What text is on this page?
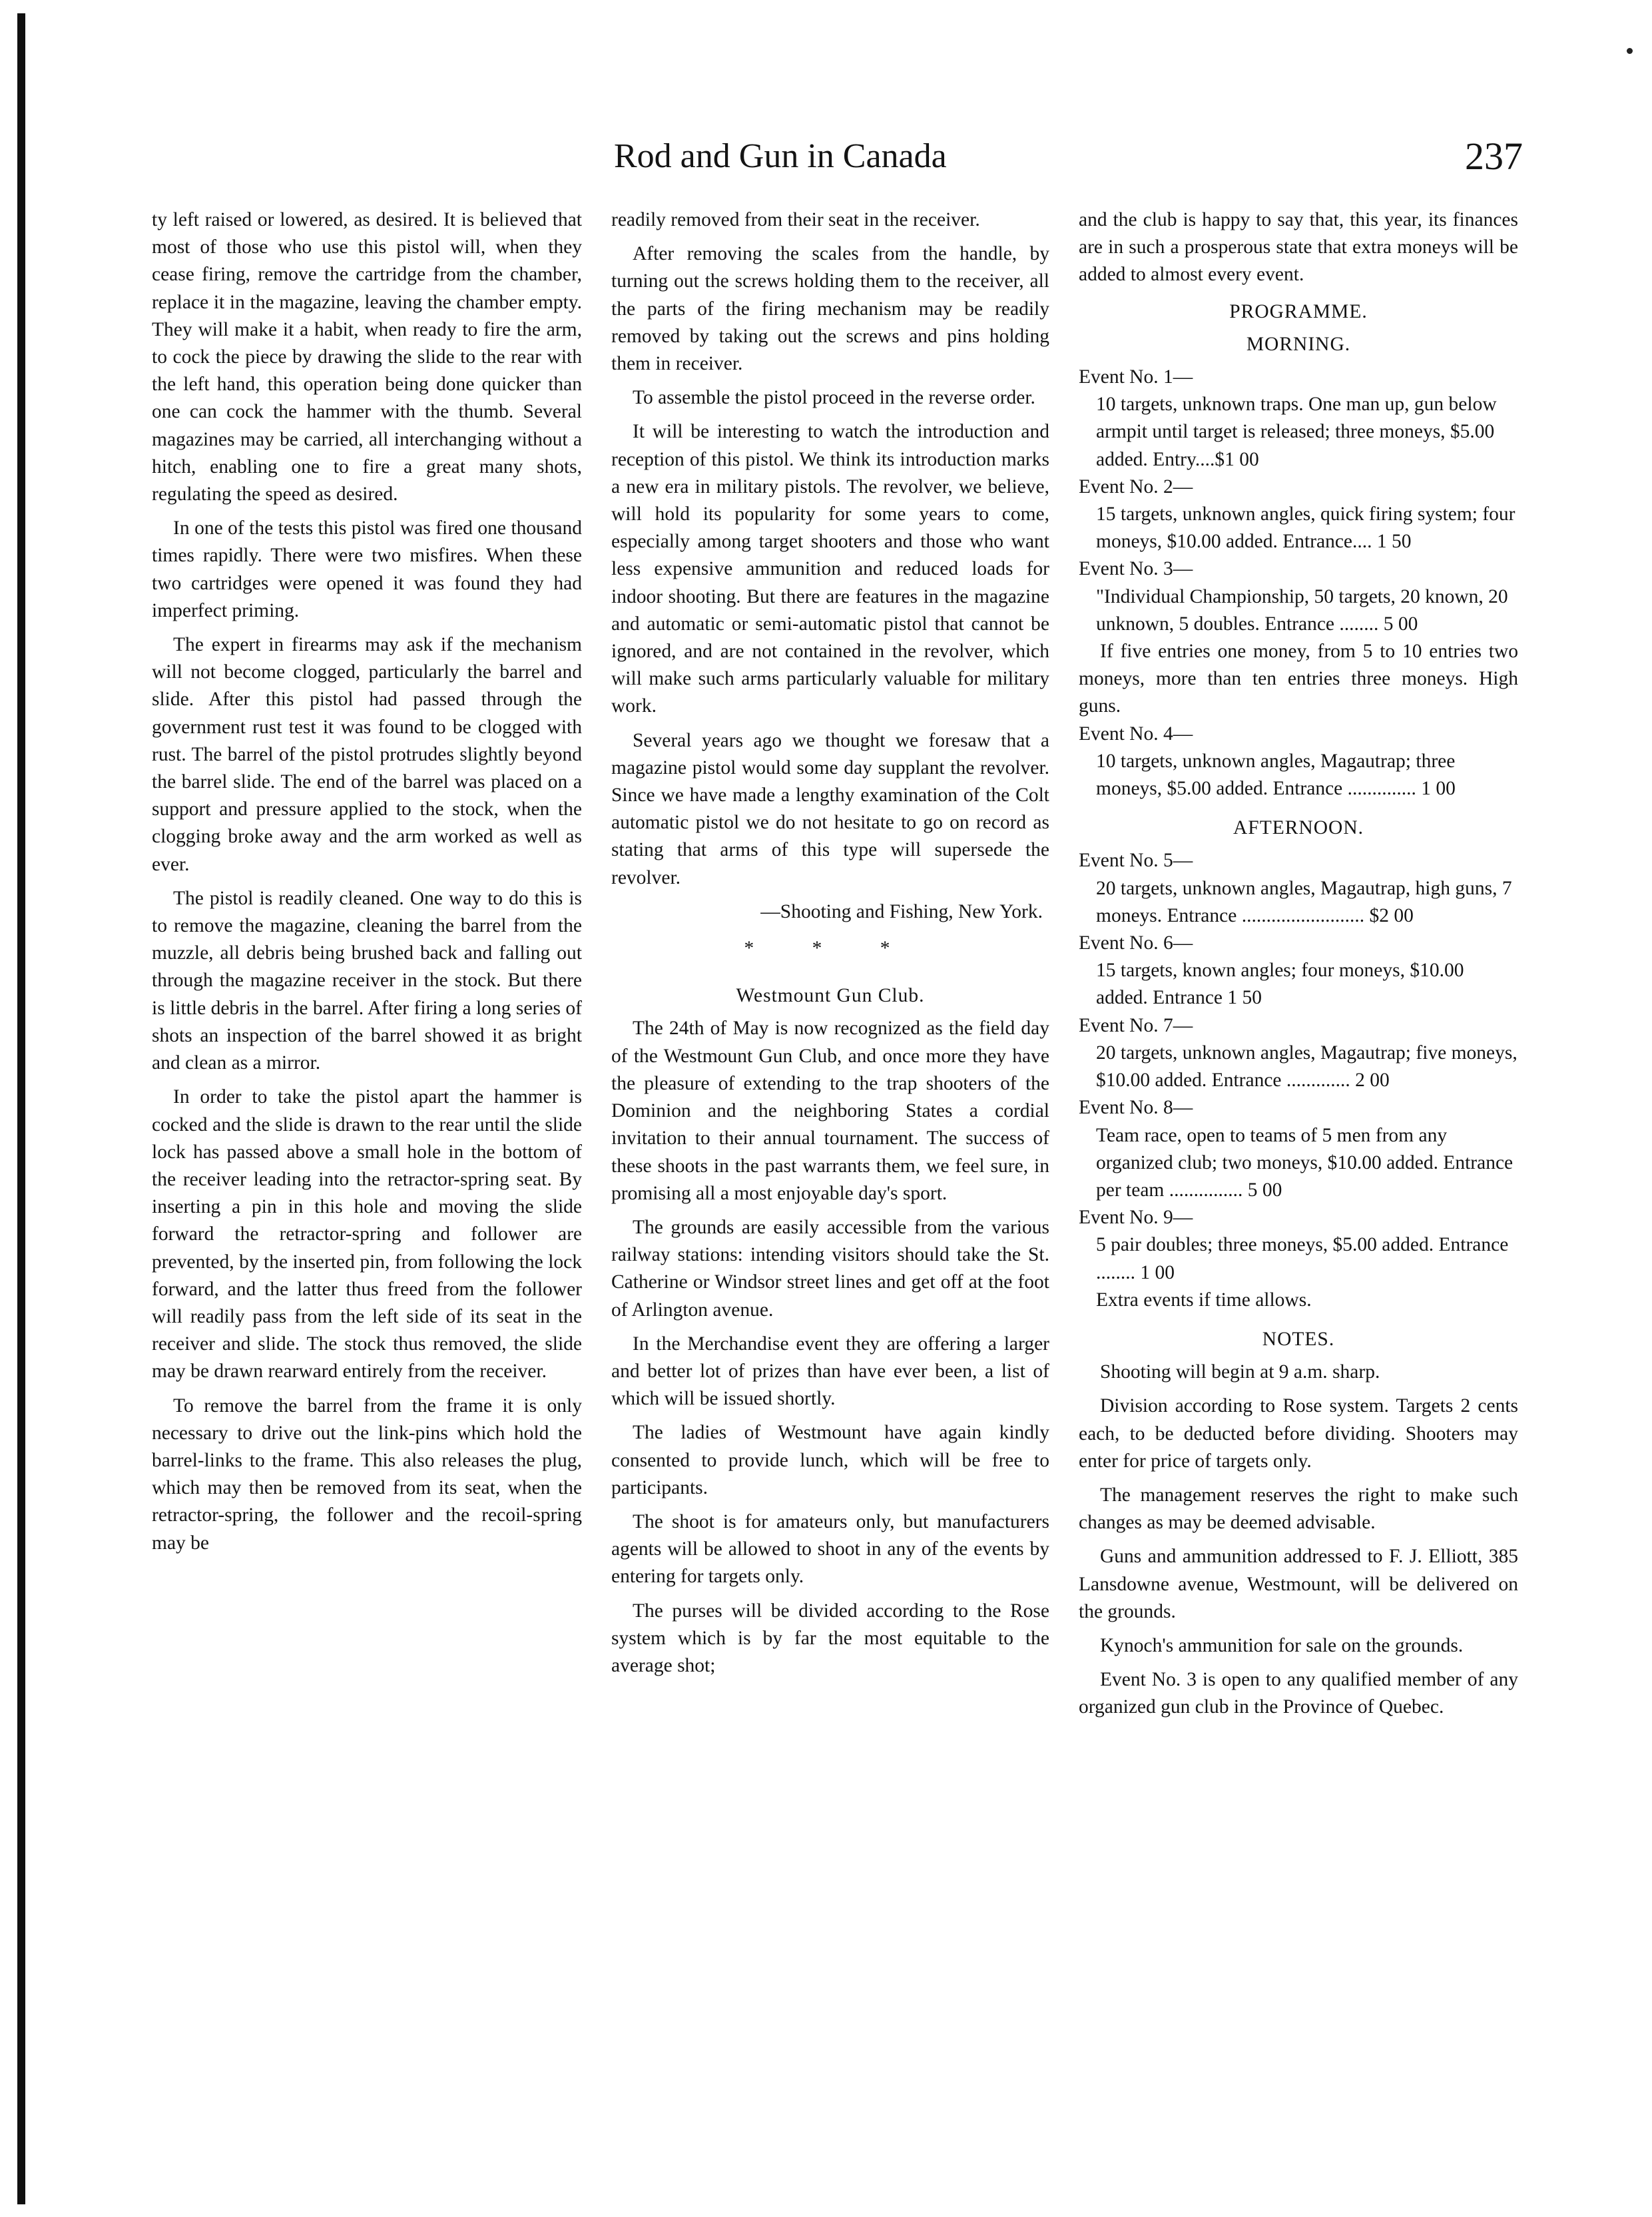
Rod and Gun in Canada	237

ty left raised or lowered, as desired. It is believed that most of those who use this pistol will, when they cease firing, remove the cartridge from the chamber, replace it in the magazine, leaving the chamber empty. They will make it a habit, when ready to fire the arm, to cock the piece by drawing the slide to the rear with the left hand, this operation being done quicker than one can cock the hammer with the thumb. Several magazines may be carried, all interchanging without a hitch, enabling one to fire a great many shots, regulating the speed as desired.

In one of the tests this pistol was fired one thousand times rapidly. There were two misfires. When these two cartridges were opened it was found they had imperfect priming.

The expert in firearms may ask if the mechanism will not become clogged, particularly the barrel and slide. After this pistol had passed through the government rust test it was found to be clogged with rust. The barrel of the pistol protrudes slightly beyond the barrel slide. The end of the barrel was placed on a support and pressure applied to the stock, when the clogging broke away and the arm worked as well as ever.

The pistol is readily cleaned. One way to do this is to remove the magazine, cleaning the barrel from the muzzle, all debris being brushed back and falling out through the magazine receiver in the stock. But there is little debris in the barrel. After firing a long series of shots an inspection of the barrel showed it as bright and clean as a mirror.

In order to take the pistol apart the hammer is cocked and the slide is drawn to the rear until the slide lock has passed above a small hole in the bottom of the receiver leading into the retractor-spring seat. By inserting a pin in this hole and moving the slide forward the retractor-spring and follower are prevented, by the inserted pin, from following the lock forward, and the latter thus freed from the follower will readily pass from the left side of its seat in the receiver and slide. The stock thus removed, the slide may be drawn rearward entirely from the receiver.

To remove the barrel from the frame it is only necessary to drive out the link-pins which hold the barrel-links to the frame. This also releases the plug, which may then be removed from its seat, when the retractor-spring, the follower and the recoil-spring may be

readily removed from their seat in the receiver.

After removing the scales from the handle, by turning out the screws holding them to the receiver, all the parts of the firing mechanism may be readily removed by taking out the screws and pins holding them in receiver.

To assemble the pistol proceed in the reverse order.

It will be interesting to watch the introduction and reception of this pistol. We think its introduction marks a new era in military pistols. The revolver, we believe, will hold its popularity for some years to come, especially among target shooters and those who want less expensive ammunition and reduced loads for indoor shooting. But there are features in the magazine and automatic or semi-automatic pistol that cannot be ignored, and are not contained in the revolver, which will make such arms particularly valuable for military work.

Several years ago we thought we foresaw that a magazine pistol would some day supplant the revolver. Since we have made a lengthy examination of the Colt automatic pistol we do not hesitate to go on record as stating that arms of this type will supersede the revolver.

—Shooting and Fishing, New York.

* * *
Westmount Gun Club.

The 24th of May is now recognized as the field day of the Westmount Gun Club, and once more they have the pleasure of extending to the trap shooters of the Dominion and the neighboring States a cordial invitation to their annual tournament. The success of these shoots in the past warrants them, we feel sure, in promising all a most enjoyable day's sport.

The grounds are easily accessible from the various railway stations: intending visitors should take the St. Catherine or Windsor street lines and get off at the foot of Arlington avenue.

In the Merchandise event they are offering a larger and better lot of prizes than have ever been, a list of which will be issued shortly.

The ladies of Westmount have again kindly consented to provide lunch, which will be free to participants.

The shoot is for amateurs only, but manufacturers agents will be allowed to shoot in any of the events by entering for targets only.

The purses will be divided according to the Rose system which is by far the most equitable to the average shot;

and the club is happy to say that, this year, its finances are in such a prosperous state that extra moneys will be added to almost every event.

PROGRAMME.
MORNING.
Event No. 1—
10 targets, unknown traps. One man up, gun below armpit until target is released; three moneys, $5.00 added. Entry....$1 00
Event No. 2—
15 targets, unknown angles, quick firing system; four moneys, $10.00 added. Entrance.... 1 50
Event No. 3—
"Individual Championship, 50 targets, 20 known, 20 unknown, 5 doubles. Entrance ........ 5 00

If five entries one money, from 5 to 10 entries two moneys, more than ten entries three moneys. High guns.

Event No. 4—
10 targets, unknown angles, Magautrap; three moneys, $5.00 added. Entrance .............. 1 00
AFTERNOON.
Event No. 5—
20 targets, unknown angles, Magautrap, high guns, 7 moneys. Entrance ......................... $2 00
Event No. 6—
15 targets, known angles; four moneys, $10.00 added. Entrance 1 50
Event No. 7—
20 targets, unknown angles, Magautrap; five moneys, $10.00 added. Entrance ............. 2 00
Event No. 8—
Team race, open to teams of 5 men from any organized club; two moneys, $10.00 added. Entrance per team ............... 5 00
Event No. 9—
5 pair doubles; three moneys, $5.00 added. Entrance ........ 1 00

Extra events if time allows.

NOTES.

Shooting will begin at 9 a.m. sharp.

Division according to Rose system. Targets 2 cents each, to be deducted before dividing. Shooters may enter for price of targets only.

The management reserves the right to make such changes as may be deemed advisable.

Guns and ammunition addressed to F. J. Elliott, 385 Lansdowne avenue, Westmount, will be delivered on the grounds.

Kynoch's ammunition for sale on the grounds.

Event No. 3 is open to any qualified member of any organized gun club in the Province of Quebec.
